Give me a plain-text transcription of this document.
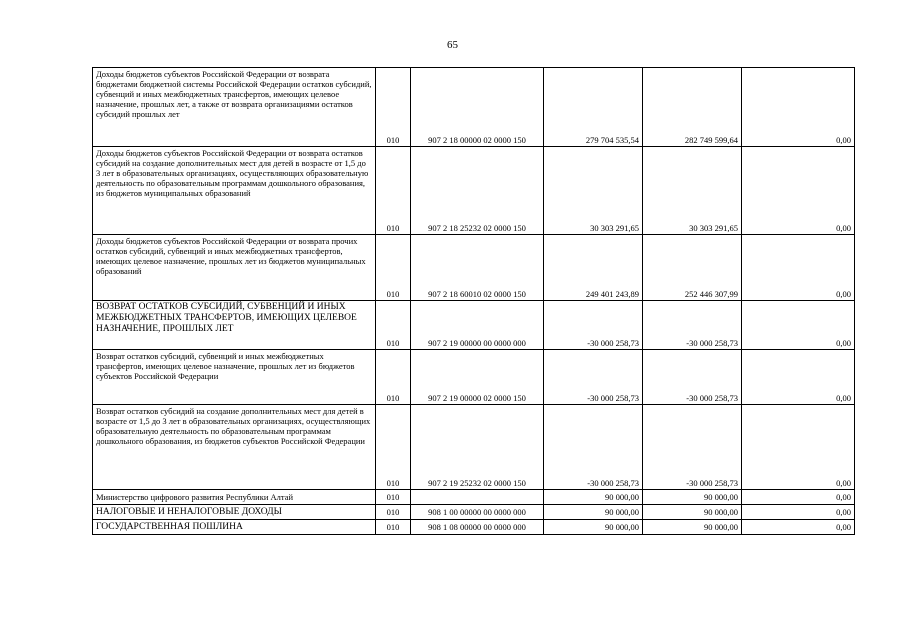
65
Доходы бюджетов субъектов Российской Федерации от возврата бюджетами бюджетной системы Российской Федерации остатков субсидий, субвенций и иных межбюджетных трансфертов, имеющих целевое назначение, прошлых лет, а также от возврата организациями остатков субсидий прошлых лет	010	907 2 18 00000 02 0000 150	279 704 535,54	282 749 599,64	0,00
Доходы бюджетов субъектов Российской Федерации от возврата остатков субсидий на создание дополнительных мест для детей в возрасте от 1,5 до 3 лет в образовательных организациях, осуществляющих образовательную деятельность по образовательным программам дошкольного образования, из бюджетов муниципальных образований	010	907 2 18 25232 02 0000 150	30 303 291,65	30 303 291,65	0,00
Доходы бюджетов субъектов Российской Федерации от возврата прочих остатков субсидий, субвенций и иных межбюджетных трансфертов, имеющих целевое назначение, прошлых лет из бюджетов муниципальных образований	010	907 2 18 60010 02 0000 150	249 401 243,89	252 446 307,99	0,00
ВОЗВРАТ ОСТАТКОВ СУБСИДИЙ, СУБВЕНЦИЙ И ИНЫХ МЕЖБЮДЖЕТНЫХ ТРАНСФЕРТОВ, ИМЕЮЩИХ ЦЕЛЕВОЕ НАЗНАЧЕНИЕ, ПРОШЛЫХ ЛЕТ	010	907 2 19 00000 00 0000 000	-30 000 258,73	-30 000 258,73	0,00
Возврат остатков субсидий, субвенций и иных межбюджетных трансфертов, имеющих целевое назначение, прошлых лет из бюджетов субъектов Российской Федерации	010	907 2 19 00000 02 0000 150	-30 000 258,73	-30 000 258,73	0,00
Возврат остатков субсидий на создание дополнительных мест для детей в возрасте от 1,5 до 3 лет в образовательных организациях, осуществляющих образовательную деятельность по образовательным программам дошкольного образования, из бюджетов субъектов Российской Федерации	010	907 2 19 25232 02 0000 150	-30 000 258,73	-30 000 258,73	0,00
Министерство цифрового развития Республики Алтай	010		90 000,00	90 000,00	0,00
НАЛОГОВЫЕ И НЕНАЛОГОВЫЕ ДОХОДЫ	010	908 1 00 00000 00 0000 000	90 000,00	90 000,00	0,00
ГОСУДАРСТВЕННАЯ ПОШЛИНА	010	908 1 08 00000 00 0000 000	90 000,00	90 000,00	0,00
